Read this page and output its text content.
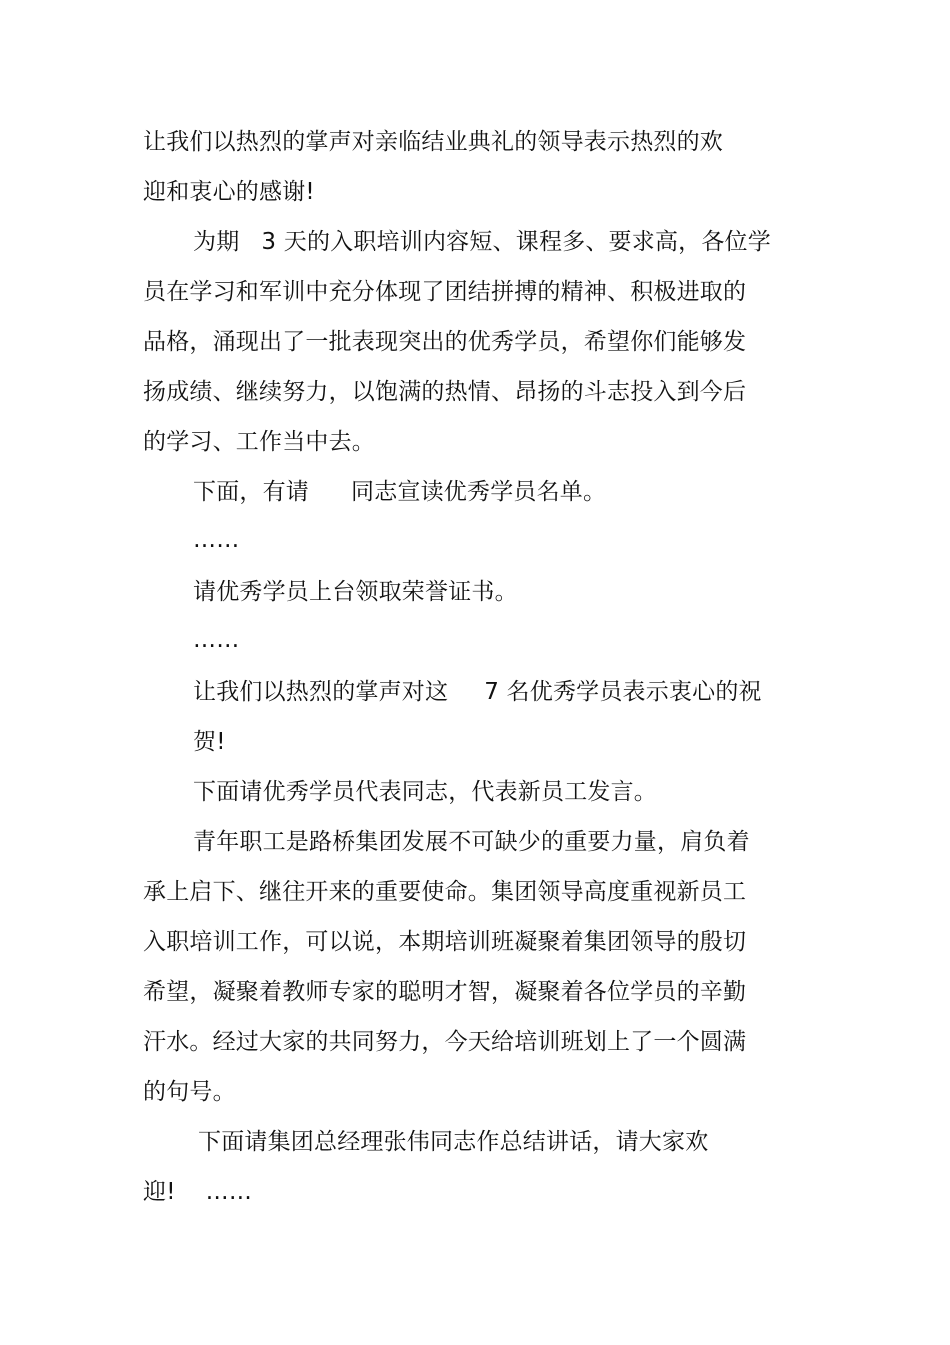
让我们以热烈的掌声对亲临结业典礼的领导表示热烈的欢
迎和衷心的感谢!
为期 3 天的入职培训内容短、课程多、要求高，各位学
员在学习和军训中充分体现了团结拼搏的精神、积极进取的
品格，涌现出了一批表现突出的优秀学员，希望你们能够发
扬成绩、继续努力，以饱满的热情、昂扬的斗志投入到今后
的学习、工作当中去。
下面，有请 同志宣读优秀学员名单。
……
请优秀学员上台领取荣誉证书。
……
让我们以热烈的掌声对这 7 名优秀学员表示衷心的祝
贺!
下面请优秀学员代表同志，代表新员工发言。
青年职工是路桥集团发展不可缺少的重要力量，肩负着
承上启下、继往开来的重要使命。集团领导高度重视新员工
入职培训工作，可以说，本期培训班凝聚着集团领导的殷切
希望，凝聚着教师专家的聪明才智，凝聚着各位学员的辛勤
汗水。经过大家的共同努力，今天给培训班划上了一个圆满
的句号。
下面请集团总经理张伟同志作总结讲话，请大家欢
迎! ……
